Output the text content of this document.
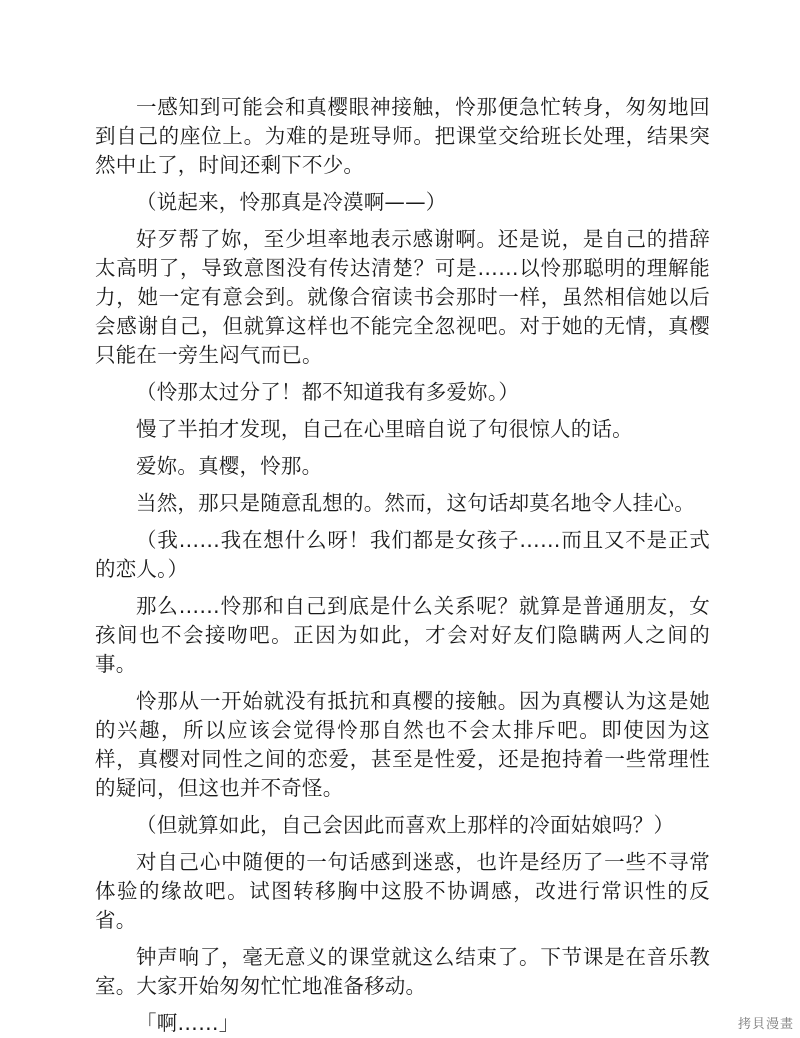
一感知到可能会和真樱眼神接触，怜那便急忙转身，匆匆地回到自己的座位上。为难的是班导师。把课堂交给班长处理，结果突然中止了，时间还剩下不少。

（说起来，怜那真是冷漠啊——）

好歹帮了妳，至少坦率地表示感谢啊。还是说，是自己的措辞太高明了，导致意图没有传达清楚？可是……以怜那聪明的理解能力，她一定有意会到。就像合宿读书会那时一样，虽然相信她以后会感谢自己，但就算这样也不能完全忽视吧。对于她的无情，真樱只能在一旁生闷气而已。

（怜那太过分了！都不知道我有多爱妳。）

慢了半拍才发现，自己在心里暗自说了句很惊人的话。

爱妳。真樱，怜那。

当然，那只是随意乱想的。然而，这句话却莫名地令人挂心。

（我……我在想什么呀！我们都是女孩子……而且又不是正式的恋人。）

那么……怜那和自己到底是什么关系呢？就算是普通朋友，女孩间也不会接吻吧。正因为如此，才会对好友们隐瞒两人之间的事。

怜那从一开始就没有抵抗和真樱的接触。因为真樱认为这是她的兴趣，所以应该会觉得怜那自然也不会太排斥吧。即使因为这样，真樱对同性之间的恋爱，甚至是性爱，还是抱持着一些常理性的疑问，但这也并不奇怪。

（但就算如此，自己会因此而喜欢上那样的冷面姑娘吗？）

对自己心中随便的一句话感到迷惑，也许是经历了一些不寻常体验的缘故吧。试图转移胸中这股不协调感，改进行常识性的反省。

钟声响了，毫无意义的课堂就这么结束了。下节课是在音乐教室。大家开始匆匆忙忙地准备移动。

「啊……」	拷貝漫畫
